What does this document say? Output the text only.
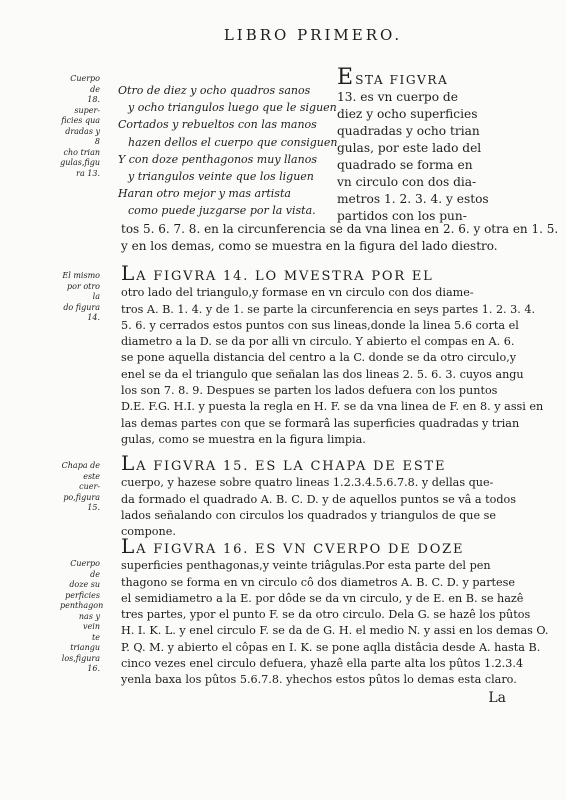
LIBRO PRIMERO.
Cuerpo de
18. super-
ficies qua
dradas y 8
cho trian
gulas,figu
ra 13.
El mismo
por otro la
do figura
14.
Chapa de
este cuer-
po,figura
15.
Cuerpo de
doze su
perficies
penthagon
nas y vein
te triangu
los,figura
16.
Otro de diez y ocho quadros sanos
y ocho triangulos luego que le siguen
Cortados y rebueltos con las manos
hazen dellos el cuerpo que consiguen
Y con doze penthagonos muy llanos
y triangulos veinte que los liguen
Haran otro mejor y mas artista
como puede juzgarse por la vista.
ESTA FIGVRA
13. es vn cuerpo de
diez y ocho superficies
quadradas y ocho trian
gulas, por este lado del
quadrado se forma en
vn circulo con dos dia-
metros 1. 2. 3. 4. y estos
partidos con los pun-
tos 5. 6. 7. 8. en la circunferencia se da vna linea en 2. 6. y otra en 1. 5.
y en los demas, como se muestra en la figura del lado diestro.
LA FIGVRA 14. LO MVESTRA POR EL
otro lado del triangulo,y formase en vn circulo con dos diame-
tros A. B. 1. 4. y de 1. se parte la circunferencia en seys partes 1. 2. 3. 4.
5. 6. y cerrados estos puntos con sus lineas,donde la linea 5.6 corta el
diametro a la D. se da por alli vn circulo. Y abierto el compas en A. 6.
se pone aquella distancia del centro a la C. donde se da otro circulo,y
enel se da el triangulo que señalan las dos lineas 2. 5. 6. 3. cuyos angu
los son 7. 8. 9. Despues se parten los lados defuera con los puntos
D.E. F.G. H.I. y puesta la regla en H. F. se da vna linea de F. en 8. y assi en
las demas partes con que se formarâ las superficies quadradas y trian
gulas, como se muestra en la figura limpia.
LA FIGVRA 15. ES LA CHAPA DE ESTE
cuerpo, y hazese sobre quatro lineas 1.2.3.4.5.6.7.8. y dellas que-
da formado el quadrado A. B. C. D. y de aquellos puntos se vâ a todos
lados señalando con circulos los quadrados y triangulos de que se
compone.
LA FIGVRA 16. ES VN CVERPO DE DOZE
superficies penthagonas,y veinte triâgulas.Por esta parte del pen
thagono se forma en vn circulo cô dos diametros A. B. C. D. y partese
el semidiametro a la E. por dôde se da vn circulo, y de E. en B. se hazê
tres partes, ypor el punto F. se da otro circulo. Dela G. se hazê los pûtos
H. I. K. L. y enel circulo F. se da de G. H. el medio N. y assi en los demas O.
P. Q. M. y abierto el côpas en I. K. se pone aqlla distâcia desde A. hasta B.
cinco vezes enel circulo defuera, yhazê ella parte alta los pûtos 1.2.3.4
yenla baxa los pûtos 5.6.7.8. yhechos estos pûtos lo demas esta claro.
La
